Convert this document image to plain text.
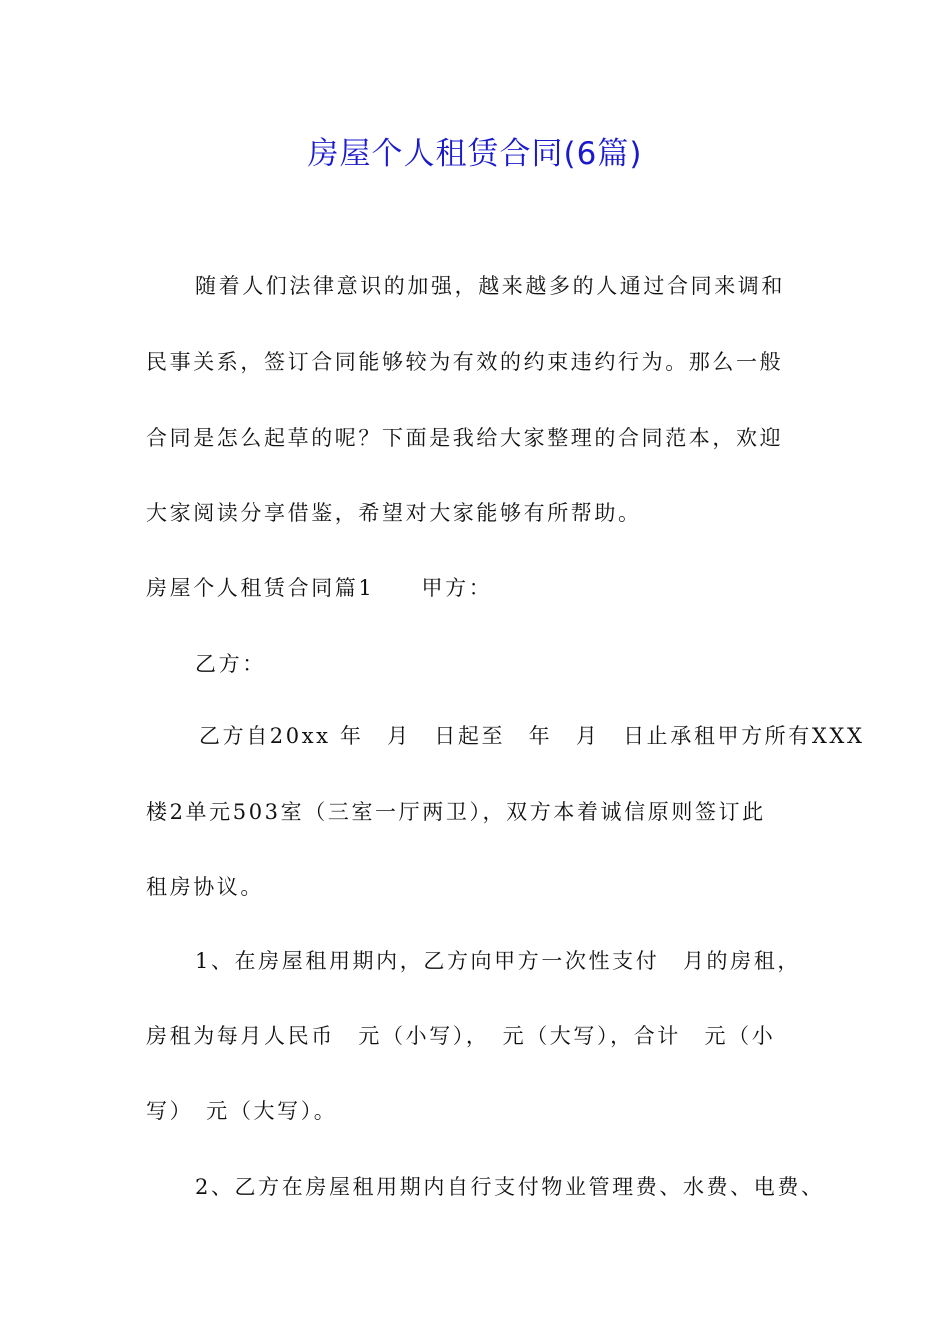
房屋个人租赁合同(6篇)
随着人们法律意识的加强，越来越多的人通过合同来调和
民事关系，签订合同能够较为有效的约束违约行为。那么一般
合同是怎么起草的呢？下面是我给大家整理的合同范本，欢迎
大家阅读分享借鉴，希望对大家能够有所帮助。
房屋个人租赁合同篇1　　甲方：
乙方：
乙方自20xx 年　月　日起至　年　月　日止承租甲方所有XXX
楼2单元503室（三室一厅两卫），双方本着诚信原则签订此
租房协议。
1、在房屋租用期内，乙方向甲方一次性支付　月的房租，
房租为每月人民币　元（小写），　元（大写），合计　元（小
写）　元（大写）。
2、乙方在房屋租用期内自行支付物业管理费、水费、电费、
